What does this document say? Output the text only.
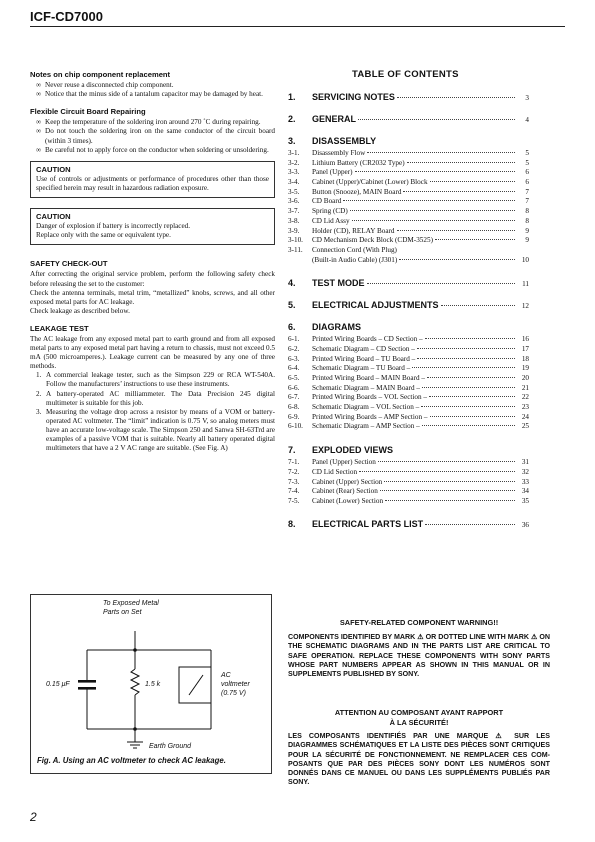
ICF-CD7000
Notes on chip component replacement
∞ Never reuse a disconnected chip component.
∞ Notice that the minus side of a tantalum capacitor may be damaged by heat.
Flexible Circuit Board Repairing
∞ Keep the temperature of the soldering iron around 270 ˚C during repairing.
∞ Do not touch the soldering iron on the same conductor of the circuit board (within 3 times).
∞ Be careful not to apply force on the conductor when soldering or unsoldering.
CAUTION

Use of controls or adjustments or performance of procedures other than those specified herein may result in hazardous radiation exposure.

CAUTION
Danger of explosion if battery is incorrectly replaced.
Replace only with the same or equivalent type.
SAFETY CHECK-OUT

After correcting the original service problem, perform the following safety check before releasing the set to the customer:

Check the antenna terminals, metal trim, “metallized” knobs, screws, and all other exposed metal parts for AC leakage.

Check leakage as described below.

LEAKAGE TEST

The AC leakage from any exposed metal part to earth ground and from all exposed metal parts to any exposed metal part having a return to chassis, must not exceed 0.5 mA (500 microamperes.). Leakage current can be measured by any one of three methods.

1. A commercial leakage tester, such as the Simpson 229 or RCA WT-540A. Follow the manufacturers’ instructions to use these instruments.
2. A battery-operated AC milliammeter. The Data Precision 245 digital multimeter is suitable for this job.
3. Measuring the voltage drop across a resistor by means of a VOM or battery-operated AC voltmeter. The “limit” indication is 0.75 V, so analog meters must have an accurate low-voltage scale. The Simpson 250 and Sanwa SH-63Trd are examples of a passive VOM that is suitable. Nearly all battery operated digital multimeters that have a 2 V AC range are suitable. (See Fig. A)
To Exposed Metal
Parts on Set
0.15 μF	1.5 k
AC
voltmeter
(0.75 V)
Earth Ground
Fig. A. Using an AC voltmeter to check AC leakage.
TABLE OF CONTENTS
1.	SERVICING NOTES	3
2.	GENERAL	4
3.	DISASSEMBLY
3-1.	Disassembly Flow	5
3-2.	Lithium Battery (CR2032 Type)	5
3-3.	Panel (Upper)	6
3-4.	Cabinet (Upper)/Cabinet (Lower) Block	6
3-5.	Button (Snooze), MAIN Board	7
3-6.	CD Board	7
3-7.	Spring (CD)	8
3-8.	CD Lid Assy	8
3-9.	Holder (CD), RELAY Board	9
3-10.	CD Mechanism Deck Block (CDM-3525)	9
3-11.	Connection Cord (With Plug)
(Built-in Audio Cable) (J301)	10
4.	TEST MODE	11
5.	ELECTRICAL ADJUSTMENTS	12
6.	DIAGRAMS
6-1.	Printed Wiring Boards – CD Section –	16
6-2.	Schematic Diagram – CD Section –	17
6-3.	Printed Wiring Board – TU Board –	18
6-4.	Schematic Diagram – TU Board –	19
6-5.	Printed Wiring Board – MAIN Board –	20
6-6.	Schematic Diagram – MAIN Board –	21
6-7.	Printed Wiring Boards – VOL Section –	22
6-8.	Schematic Diagram – VOL Section –	23
6-9.	Printed Wiring Boards – AMP Section –	24
6-10.	Schematic Diagram – AMP Section –	25
7.	EXPLODED VIEWS
7-1.	Panel (Upper) Section	31
7-2.	CD Lid Section	32
7-3.	Cabinet (Upper) Section	33
7-4.	Cabinet (Rear) Section	34
7-5.	Cabinet (Lower) Section	35
8.	ELECTRICAL PARTS LIST	36
SAFETY-RELATED COMPONENT WARNING!!
COMPONENTS IDENTIFIED BY MARK ⚠ OR DOTTED LINE WITH MARK ⚠ ON THE SCHEMATIC DIAGRAMS AND IN THE PARTS LIST ARE CRITICAL TO SAFE OPERATION. REPLACE THESE COMPONENTS WITH SONY PARTS WHOSE PART NUMBERS APPEAR AS SHOWN IN THIS MANUAL OR IN SUPPLEMENTS PUBLISHED BY SONY.
ATTENTION AU COMPOSANT AYANT RAPPORT
À LA SÉCURITÉ!
LES COMPOSANTS IDENTIFIÉS PAR UNE MARQUE ⚠ SUR LES DIAGRAMMES SCHÉMATIQUES ET LA LISTE DES PIÈCES SONT CRITIQUES POUR LA SÉCURITÉ DE FONCTIONNEMENT. NE REMPLACER CES COM- POSANTS QUE PAR DES PIÈCES SONY DONT LES NUMÉROS SONT DONNÉS DANS CE MANUEL OU DANS LES SUPPLÉMENTS PUBLIÉS PAR SONY.
2
